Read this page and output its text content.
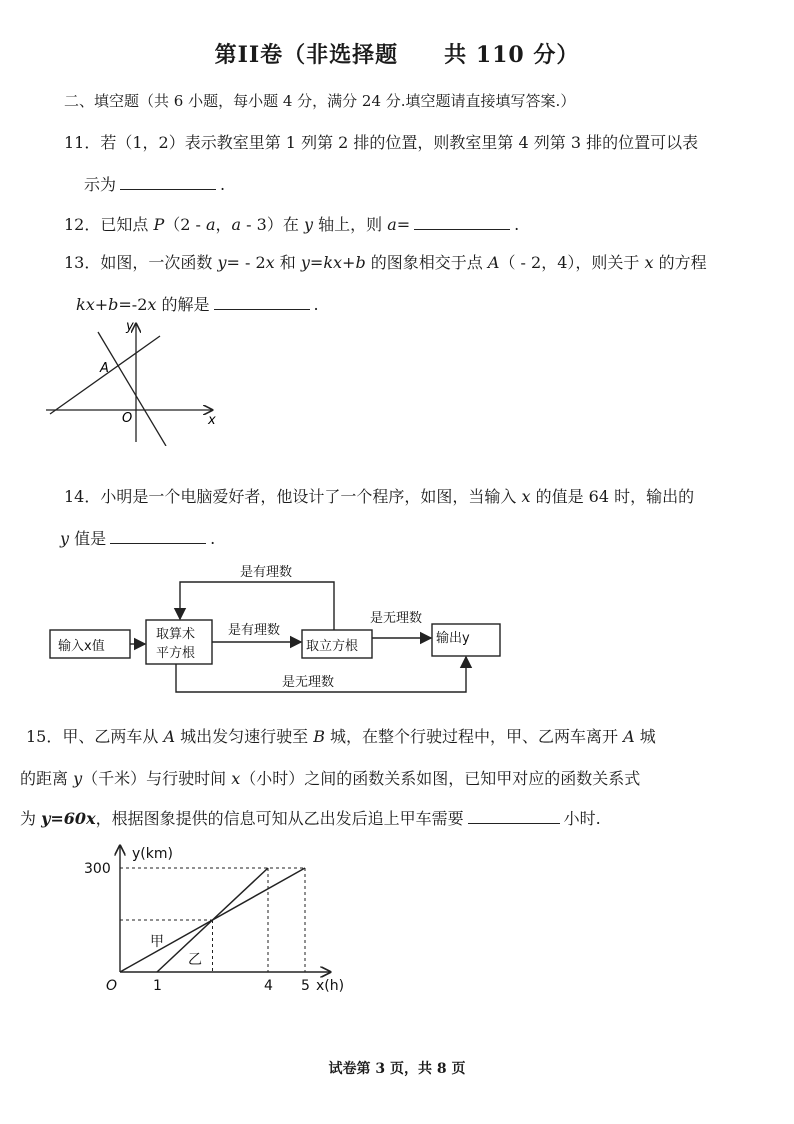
第II卷（非选择题　　共 110 分）
二、填空题（共 6 小题，每小题 4 分，满分 24 分.填空题请直接填写答案.）
11．若（1，2）表示教室里第 1 列第 2 排的位置，则教室里第 4 列第 3 排的位置可以表
示为	.
12．已知点 P（2 - a，a - 3）在 y 轴上，则 a=	.
13．如图，一次函数 y= - 2x 和 y=kx+b 的图象相交于点 A（ - 2，4），则关于 x 的方程
kx+b=-2x 的解是	.
y
x
O
A
14．小明是一个电脑爱好者，他设计了一个程序，如图，当输入 x 的值是 64 时，输出的
y 值是	.
输入x值
取算术
平方根	取立方根
输出y
是有理数
是有理数
是无理数
是无理数
15．甲、乙两车从 A 城出发匀速行驶至 B 城，在整个行驶过程中，甲、乙两车离开 A 城
的距离 y（千米）与行驶时间 x（小时）之间的函数关系如图，已知甲对应的函数关系式
为 y=60x，根据图象提供的信息可知从乙出发后追上甲车需要	小时.
1	4 5
300
O	x(h)
y(km)
甲
乙
试卷第 3 页，共 8 页
